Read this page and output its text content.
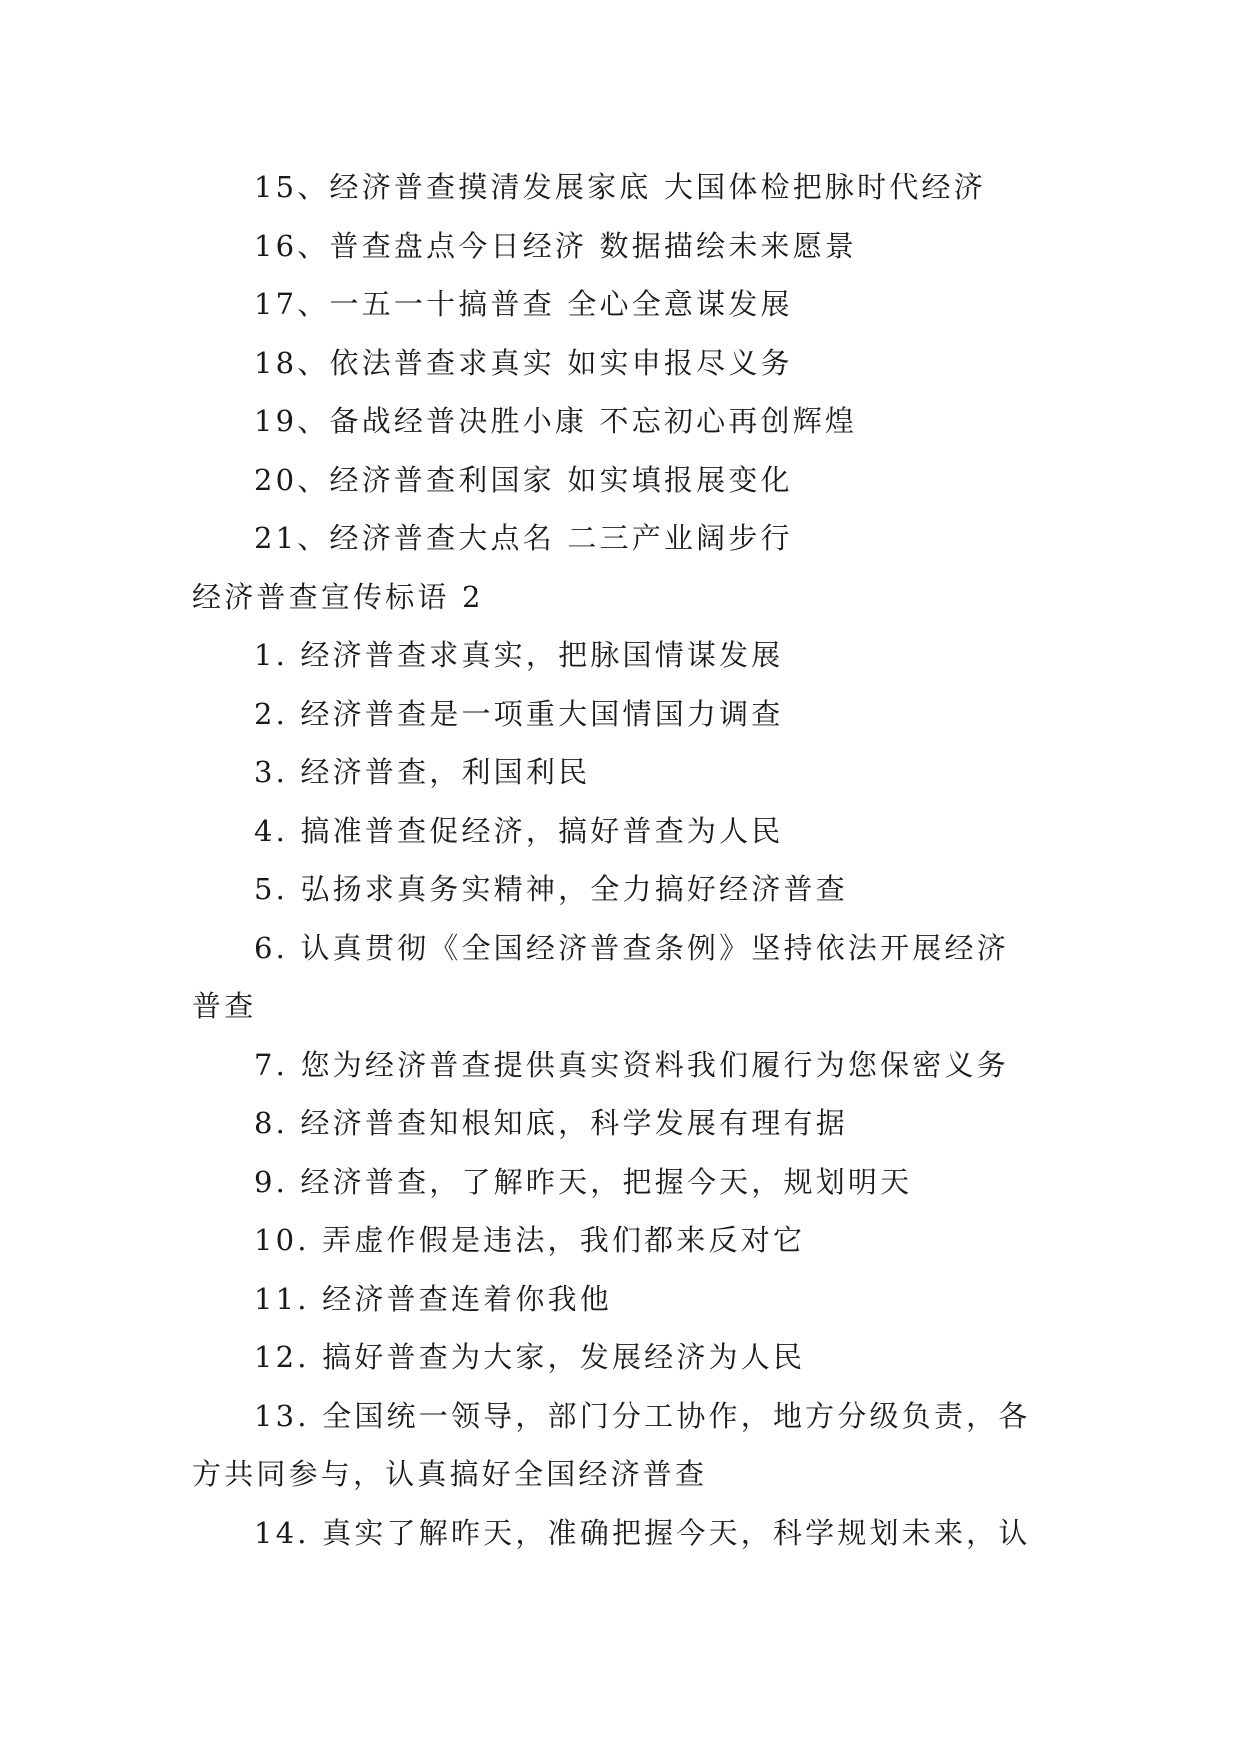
15、经济普查摸清发展家底 大国体检把脉时代经济
16、普查盘点今日经济 数据描绘未来愿景
17、一五一十搞普查 全心全意谋发展
18、依法普查求真实 如实申报尽义务
19、备战经普决胜小康 不忘初心再创辉煌
20、经济普查利国家 如实填报展变化
21、经济普查大点名 二三产业阔步行
经济普查宣传标语 2
1. 经济普查求真实，把脉国情谋发展
2. 经济普查是一项重大国情国力调查
3. 经济普查，利国利民
4. 搞准普查促经济，搞好普查为人民
5. 弘扬求真务实精神，全力搞好经济普查
6. 认真贯彻《全国经济普查条例》坚持依法开展经济
普查
7. 您为经济普查提供真实资料我们履行为您保密义务
8. 经济普查知根知底，科学发展有理有据
9. 经济普查，了解昨天，把握今天，规划明天
10. 弄虚作假是违法，我们都来反对它
11. 经济普查连着你我他
12. 搞好普查为大家，发展经济为人民
13. 全国统一领导，部门分工协作，地方分级负责，各
方共同参与，认真搞好全国经济普查
14. 真实了解昨天，准确把握今天，科学规划未来，认
